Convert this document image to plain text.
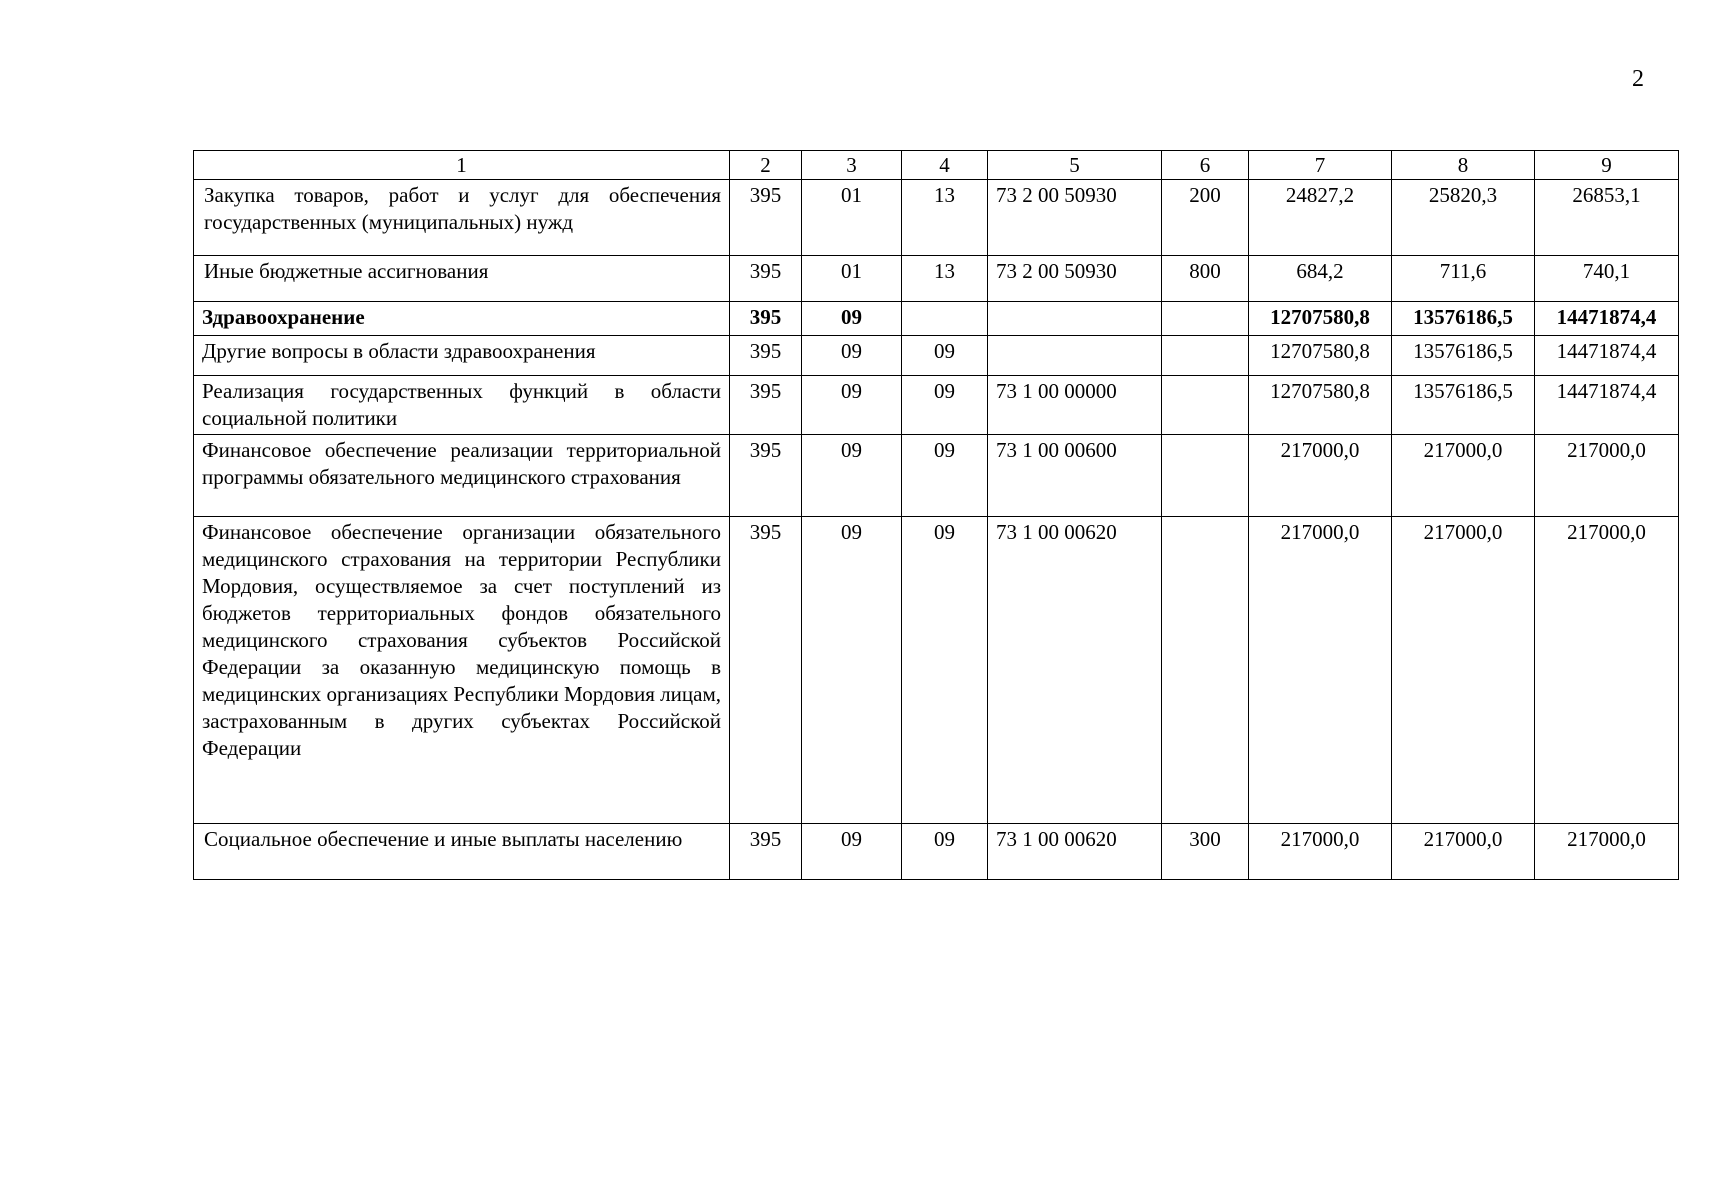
2
1	2	3	4	5	6	7	8	9
Закупка товаров, работ и услуг для обеспечения государственных (муниципальных) нужд	395	01	13	73 2 00 50930	200	24827,2	25820,3	26853,1
Иные бюджетные ассигнования	395	01	13	73 2 00 50930	800	684,2	711,6	740,1
Здравоохранение	395	09				12707580,8	13576186,5	14471874,4
Другие вопросы в области здравоохранения	395	09	09			12707580,8	13576186,5	14471874,4
Реализация государственных функций в области социальной политики	395	09	09	73 1 00 00000		12707580,8	13576186,5	14471874,4
Финансовое обеспечение реализации территориальной программы обязательного медицинского страхования	395	09	09	73 1 00 00600		217000,0	217000,0	217000,0
Финансовое обеспечение организации обязательного медицинского страхования на территории Республики Мордовия, осуществляемое за счет поступлений из бюджетов территориальных фондов обязательного медицинского страхования субъектов Российской Федерации за оказанную медицинскую помощь в медицинских организациях Республики Мордовия лицам, застрахованным в других субъектах Российской Федерации	395	09	09	73 1 00 00620		217000,0	217000,0	217000,0
Социальное обеспечение и иные выплаты населению	395	09	09	73 1 00 00620	300	217000,0	217000,0	217000,0
